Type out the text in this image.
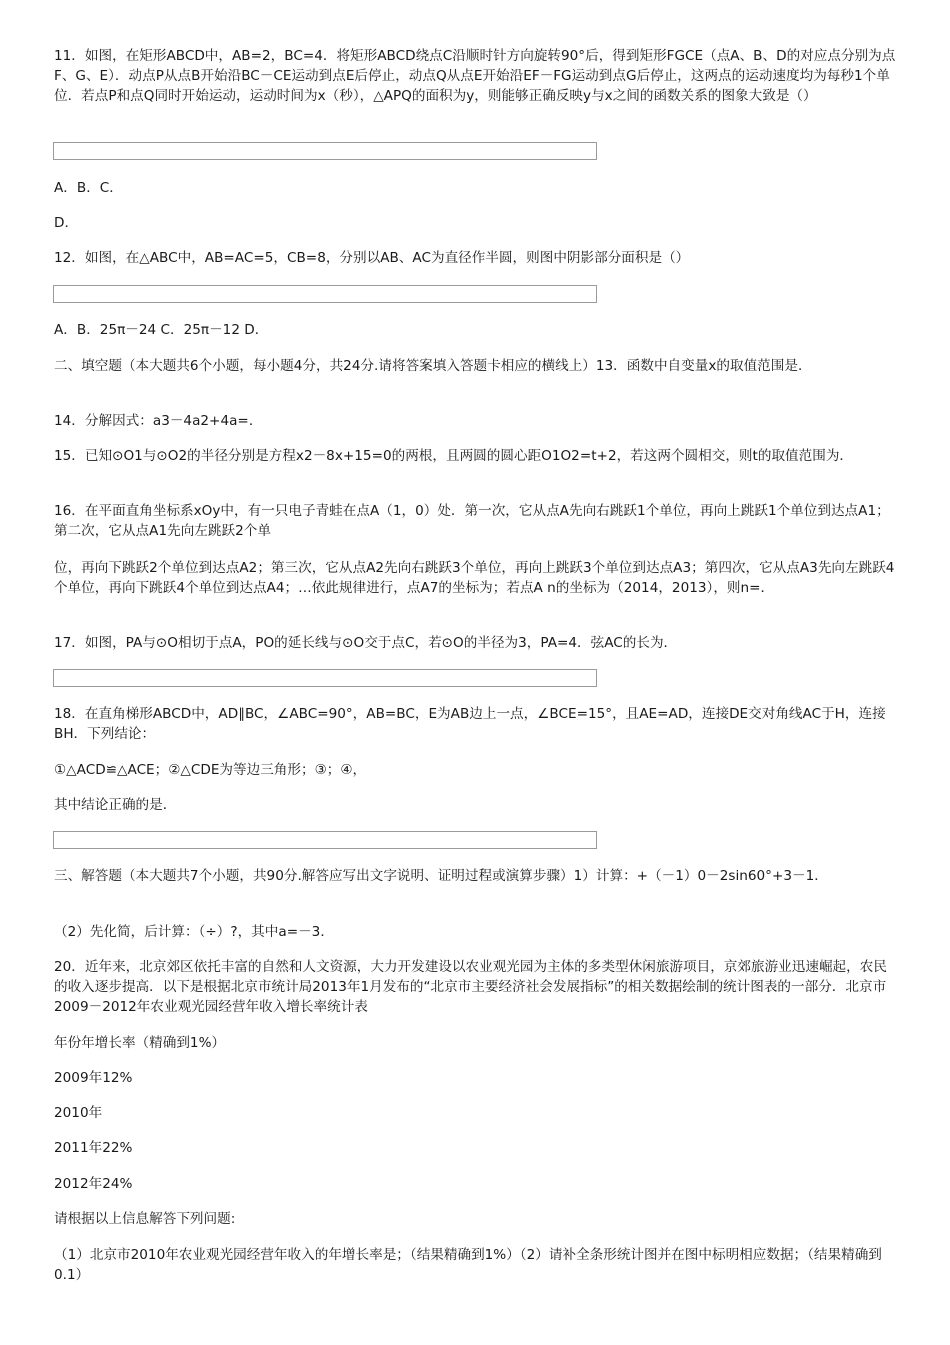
11．如图，在矩形ABCD中，AB=2，BC=4．将矩形ABCD绕点C沿顺时针方向旋转90°后，得到矩形FGCE（点A、B、D的对应点分别为点F、G、E）．动点P从点B开始沿BC－CE运动到点E后停止，动点Q从点E开始沿EF－FG运动到点G后停止，这两点的运动速度均为每秒1个单位．若点P和点Q同时开始运动，运动时间为x（秒），△APQ的面积为y，则能够正确反映y与x之间的函数关系的图象大致是（）

A．B．C．

D．

12．如图，在△ABC中，AB=AC=5，CB=8，分别以AB、AC为直径作半圆，则图中阴影部分面积是（）

A．B．25π－24 C．25π－12 D．

二、填空题（本大题共6个小题，每小题4分，共24分.请将答案填入答题卡相应的横线上）13．函数中自变量x的取值范围是．

14．分解因式：a3－4a2+4a=．

15．已知⊙O1与⊙O2的半径分别是方程x2－8x+15=0的两根，且两圆的圆心距O1O2=t+2，若这两个圆相交，则t的取值范围为．

16．在平面直角坐标系xOy中，有一只电子青蛙在点A（1，0）处．第一次，它从点A先向右跳跃1个单位，再向上跳跃1个单位到达点A1；第二次，它从点A1先向左跳跃2个单

位，再向下跳跃2个单位到达点A2；第三次，它从点A2先向右跳跃3个单位，再向上跳跃3个单位到达点A3；第四次，它从点A3先向左跳跃4个单位，再向下跳跃4个单位到达点A4；…依此规律进行，点A7的坐标为；若点A n的坐标为（2014，2013），则n=．

17．如图，PA与⊙O相切于点A，PO的延长线与⊙O交于点C，若⊙O的半径为3，PA=4．弦AC的长为．

18．在直角梯形ABCD中，AD∥BC，∠ABC=90°，AB=BC，E为AB边上一点，∠BCE=15°，且AE=AD，连接DE交对角线AC于H，连接BH．下列结论：

①△ACD≌△ACE；②△CDE为等边三角形；③；④，

其中结论正确的是．

三、解答题（本大题共7个小题，共90分.解答应写出文字说明、证明过程或演算步骤）1）计算：+（－1）0－2sin60°+3－1．

（2）先化简，后计算：（÷）?，其中a=－3．

20．近年来，北京郊区依托丰富的自然和人文资源，大力开发建设以农业观光园为主体的多类型休闲旅游项目，京郊旅游业迅速崛起，农民的收入逐步提高．以下是根据北京市统计局2013年1月发布的“北京市主要经济社会发展指标”的相关数据绘制的统计图表的一部分．北京市2009－2012年农业观光园经营年收入增长率统计表

年份年增长率（精确到1%）

2009年12%

2010年

2011年22%

2012年24%

请根据以上信息解答下列问题:

（1）北京市2010年农业观光园经营年收入的年增长率是；（结果精确到1%）（2）请补全条形统计图并在图中标明相应数据；（结果精确到0.1）
